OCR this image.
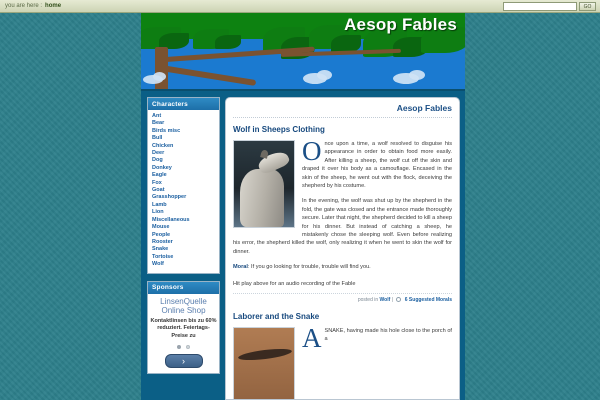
you are here : home	GO
Aesop Fables
Characters
Ant
Bear
Birds misc
Bull
Chicken
Deer
Dog
Donkey
Eagle
Fox
Goat
Grasshopper
Lamb
Lion
Miscellaneous
Mouse
People
Rooster
Snake
Tortoise
Wolf
Sponsors
LinsenQuelle
Online Shop
Kontaktlinsen bis zu 60% reduziert. Feiertags-Preise zu
›
Aesop Fables
Wolf in Sheeps Clothing
Once upon a time, a wolf resolved to disguise his appearance in order to obtain food more easily. After killing a sheep, the wolf cut off the skin and draped it over his body as a camouflage. Encased in the skin of the sheep, he went out with the flock, deceiving the shepherd by his costume.
In the evening, the wolf was shut up by the shepherd in the fold, the gate was closed and the entrance made thoroughly secure. Later that night, the shepherd decided to kill a sheep for his dinner. But instead of catching a sheep, he mistakenly chose the sleeping wolf. Even before realizing his error, the shepherd killed the wolf, only realizing it when he went to skin the wolf for dinner.
Moral: If you go looking for trouble, trouble will find you.
Hit play above for an audio recording of the Fable
posted in Wolf | 6 Suggested Morals
Laborer and the Snake
ASNAKE, having made his hole close to the porch of a
